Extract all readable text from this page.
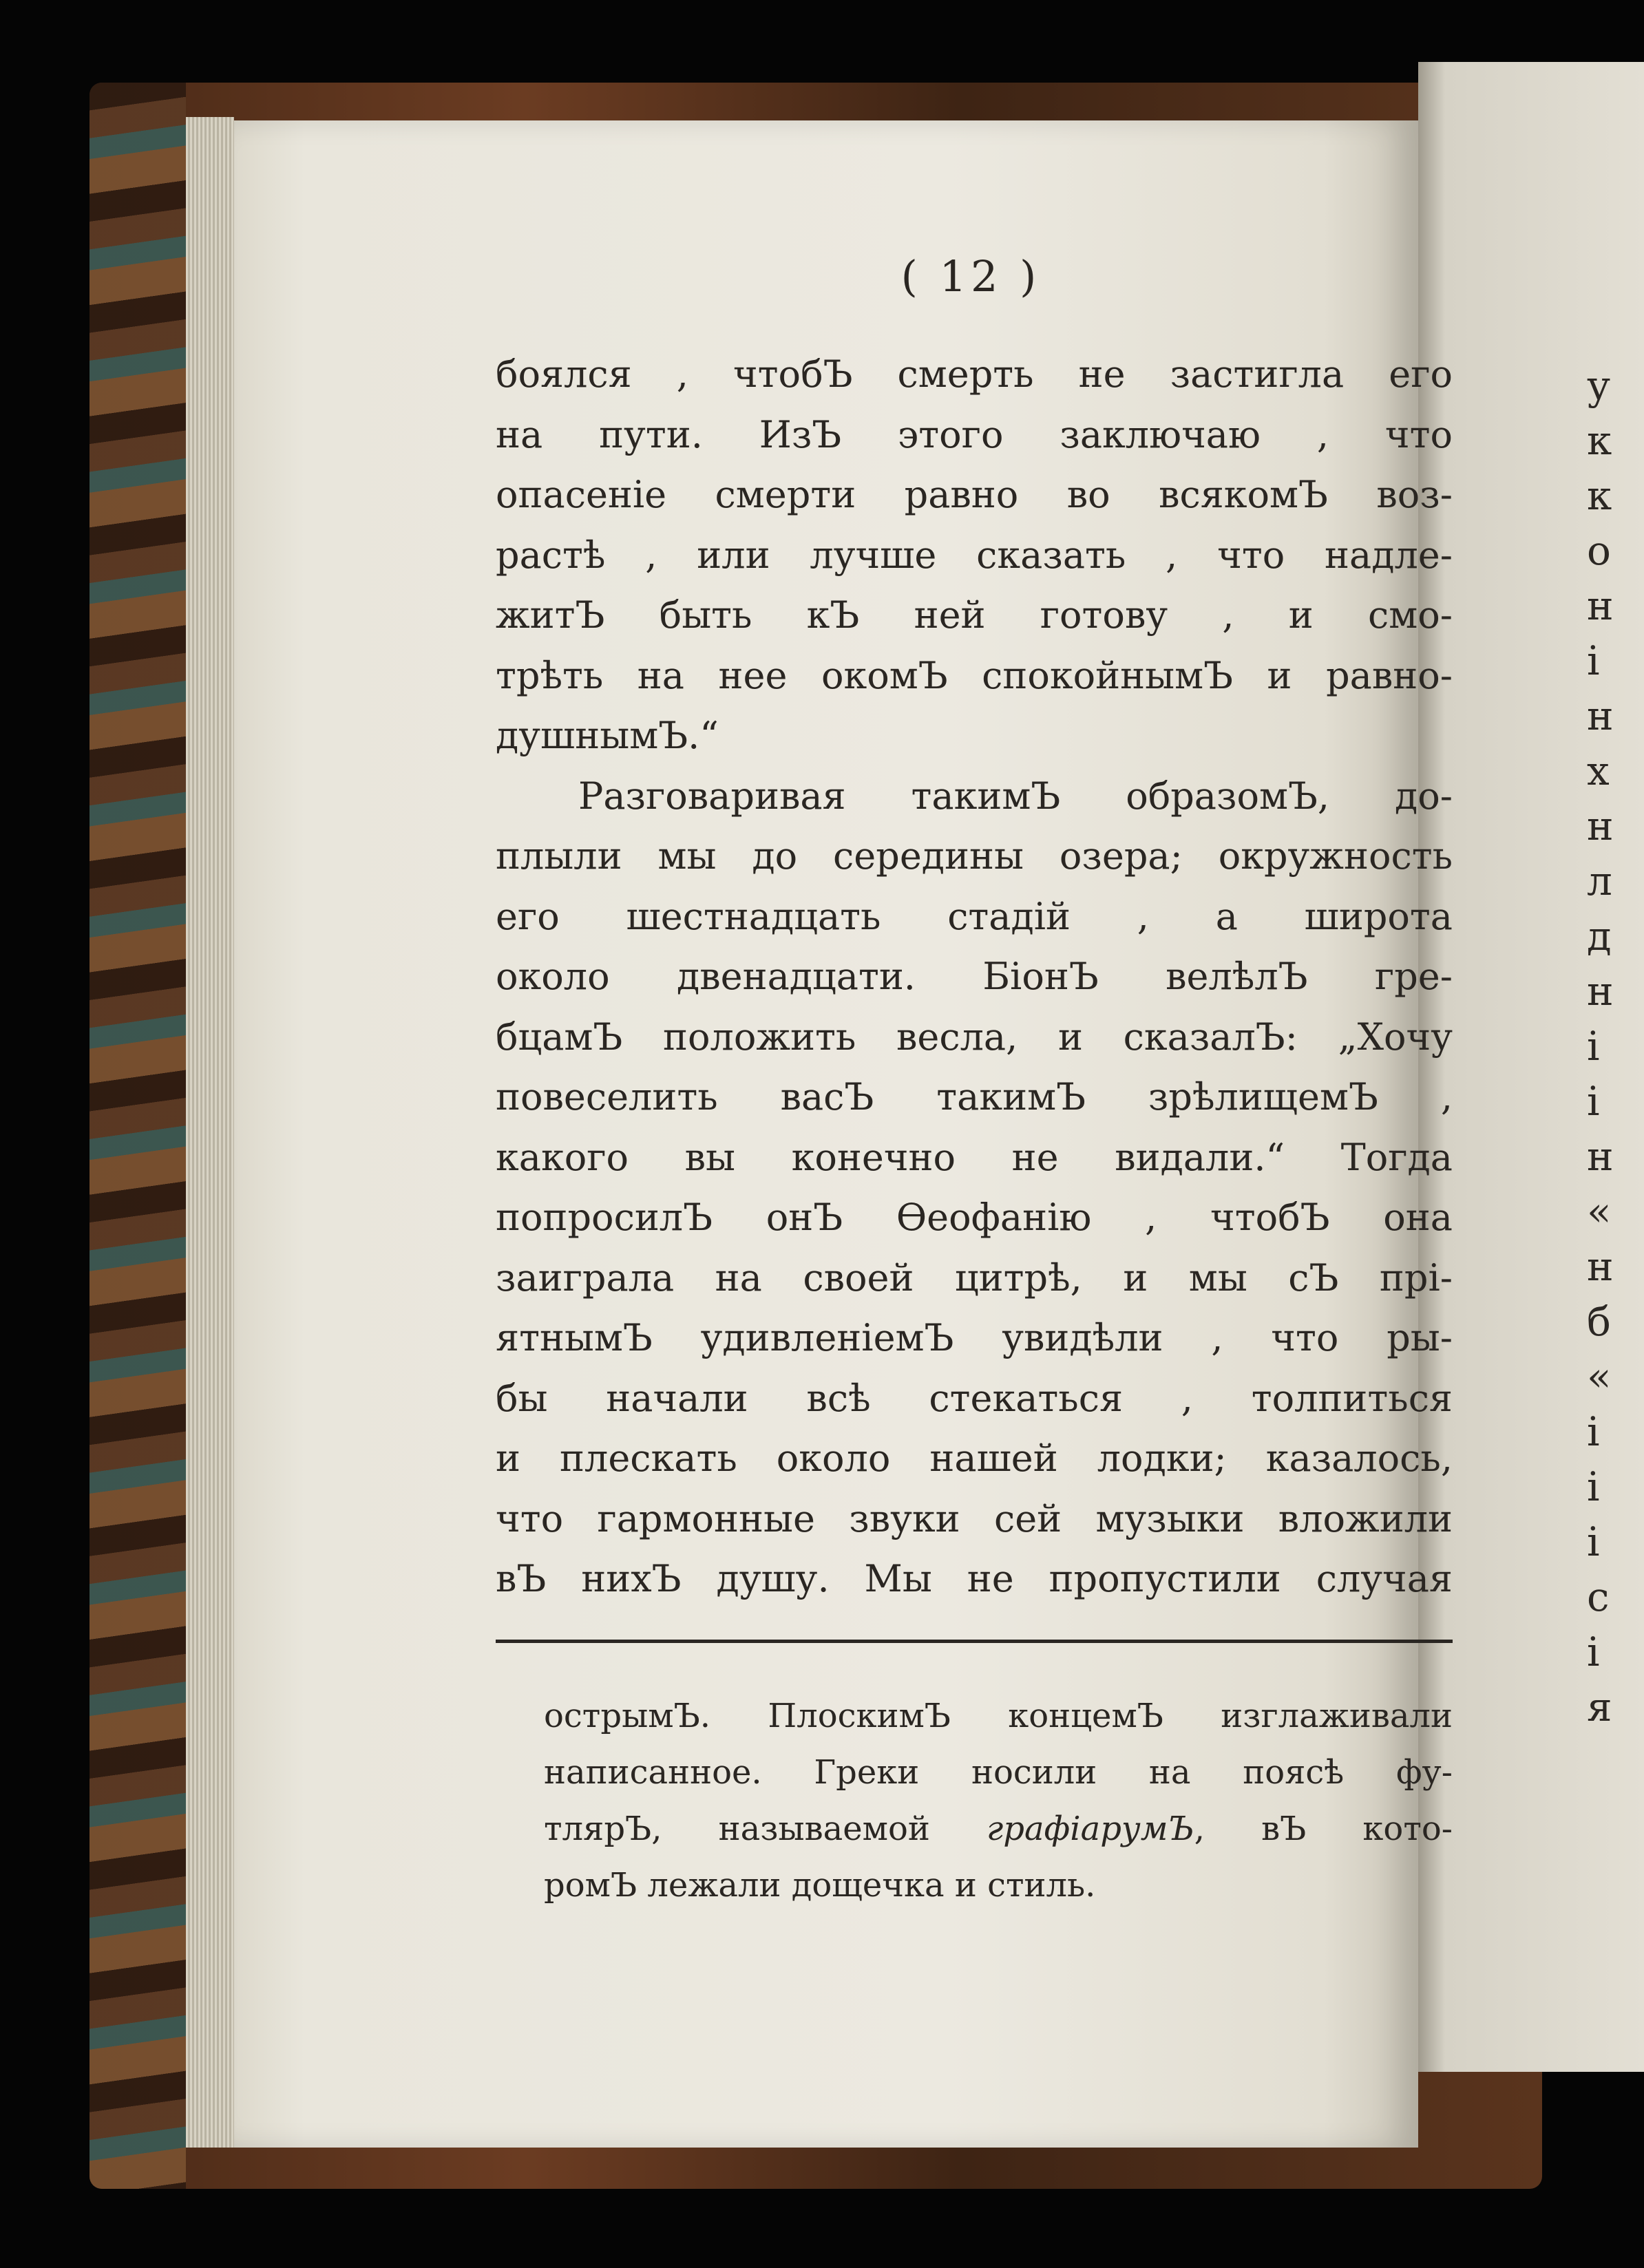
у
к
к
о
н
і
н
х
н
л
д
н
і
і
н
«
н
б
«
і
і
і
с
і
я
( 12 )
боялся , чтобЪ смерть не застигла его
на пути. ИзЪ этого заключаю , что
опасеніе смерти равно во всякомЪ воз-
растѣ , или лучше сказать , что надле-
житЪ быть кЪ ней готову , и смо-
трѣть на нее окомЪ спокойнымЪ и равно-
душнымЪ.“
Разговаривая такимЪ образомЪ, до-
плыли мы до середины озера; окружность
его шестнадцать стадій , а широта
около двенадцати. БіонЪ велѣлЪ гре-
бцамЪ положить весла, и сказалЪ: „Хочу
повеселить васЪ такимЪ зрѣлищемЪ ,
какого вы конечно не видали.“ Тогда
попросилЪ онЪ Ѳеофанію , чтобЪ она
заиграла на своей цитрѣ, и мы сЪ прі-
ятнымЪ удивленіемЪ увидѣли , что ры-
бы начали всѣ стекаться , толпиться
и плескать около нашей лодки; казалось,
что гармонные звуки сей музыки вложили
вЪ нихЪ душу. Мы не пропустили случая
острымЪ. ПлоскимЪ концемЪ изглаживали
написанное. Греки носили на поясѣ фу-
тлярЪ, называемой графіарумЪ, вЪ кото-
ромЪ лежали дощечка и стиль.
